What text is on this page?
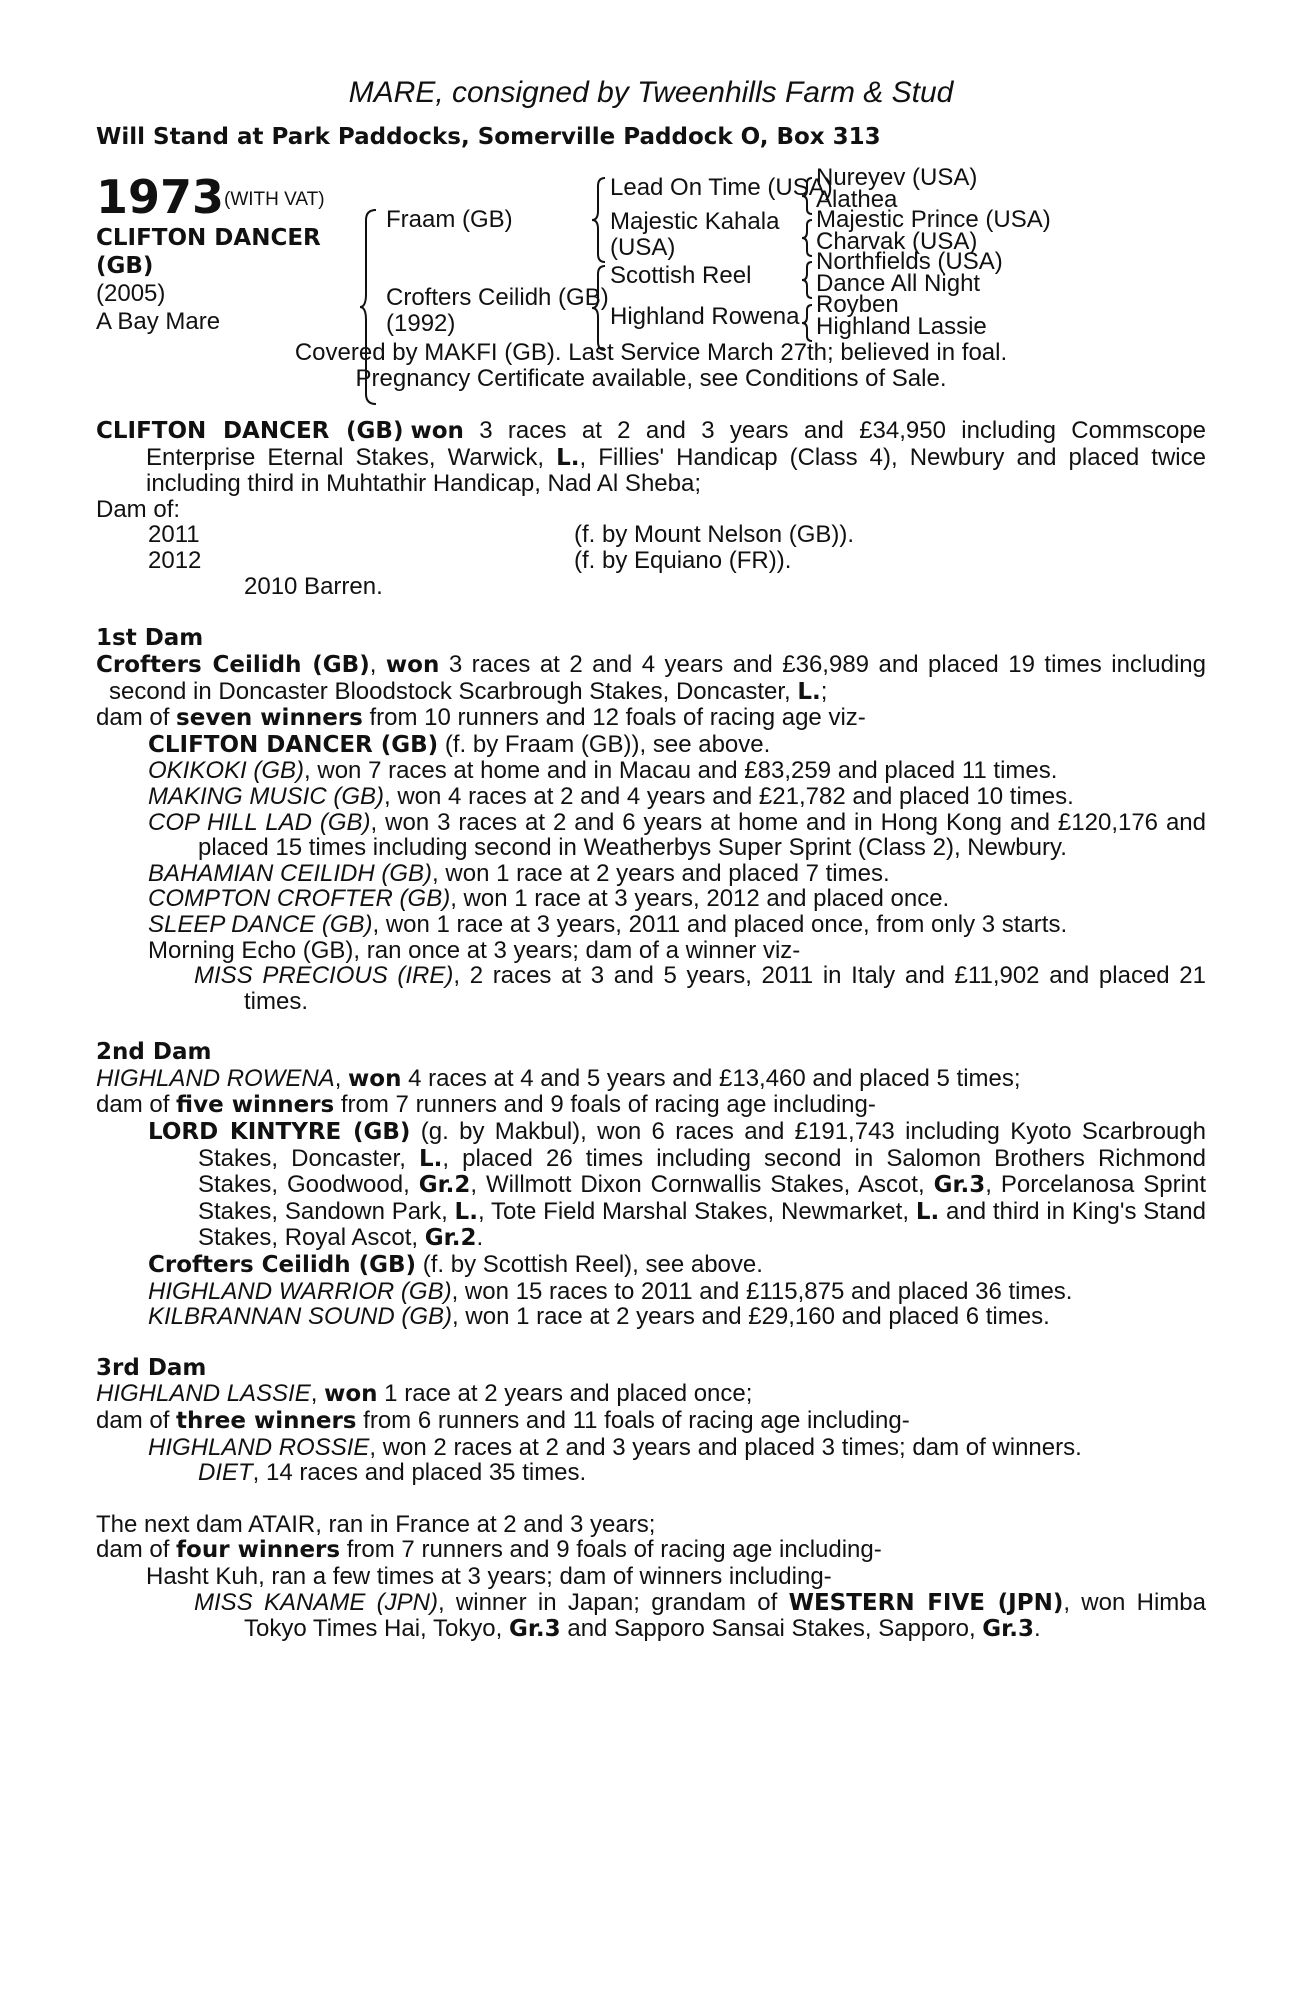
MARE, consigned by Tweenhills Farm & Stud
Will Stand at Park Paddocks, Somerville Paddock O, Box 313
1973 (WITH VAT)
CLIFTON DANCER
(GB)
(2005)
A Bay Mare
Fraam (GB)
Crofters Ceilidh (GB)
(1992)
Lead On Time (USA)
Majestic Kahala
(USA)
Scottish Reel
Highland Rowena
Nureyev (USA)
Alathea
Majestic Prince (USA)
Charvak (USA)
Northfields (USA)
Dance All Night
Royben
Highland Lassie

Covered by MAKFI (GB). Last Service March 27th; believed in foal.

Pregnancy Certificate available, see Conditions of Sale.

CLIFTON DANCER (GB) won 3 races at 2 and 3 years and £34,950 including Commscope Enterprise Eternal Stakes, Warwick, L., Fillies' Handicap (Class 4), Newbury and placed twice including third in Muhtathir Handicap, Nad Al Sheba;

Dam of:

2011	(f. by Mount Nelson (GB)).
2012	(f. by Equiano (FR)).
2010 Barren.

1st Dam

Crofters Ceilidh (GB), won 3 races at 2 and 4 years and £36,989 and placed 19 times including second in Doncaster Bloodstock Scarbrough Stakes, Doncaster, L.;

dam of seven winners from 10 runners and 12 foals of racing age viz-

CLIFTON DANCER (GB) (f. by Fraam (GB)), see above.

OKIKOKI (GB), won 7 races at home and in Macau and £83,259 and placed 11 times.

MAKING MUSIC (GB), won 4 races at 2 and 4 years and £21,782 and placed 10 times.

COP HILL LAD (GB), won 3 races at 2 and 6 years at home and in Hong Kong and £120,176 and placed 15 times including second in Weatherbys Super Sprint (Class 2), Newbury.

BAHAMIAN CEILIDH (GB), won 1 race at 2 years and placed 7 times.

COMPTON CROFTER (GB), won 1 race at 3 years, 2012 and placed once.

SLEEP DANCE (GB), won 1 race at 3 years, 2011 and placed once, from only 3 starts.

Morning Echo (GB), ran once at 3 years; dam of a winner viz-

MISS PRECIOUS (IRE), 2 races at 3 and 5 years, 2011 in Italy and £11,902 and placed 21 times.

2nd Dam

HIGHLAND ROWENA, won 4 races at 4 and 5 years and £13,460 and placed 5 times;

dam of five winners from 7 runners and 9 foals of racing age including-

LORD KINTYRE (GB) (g. by Makbul), won 6 races and £191,743 including Kyoto Scarbrough Stakes, Doncaster, L., placed 26 times including second in Salomon Brothers Richmond Stakes, Goodwood, Gr.2, Willmott Dixon Cornwallis Stakes, Ascot, Gr.3, Porcelanosa Sprint Stakes, Sandown Park, L., Tote Field Marshal Stakes, Newmarket, L. and third in King's Stand Stakes, Royal Ascot, Gr.2.

Crofters Ceilidh (GB) (f. by Scottish Reel), see above.

HIGHLAND WARRIOR (GB), won 15 races to 2011 and £115,875 and placed 36 times.

KILBRANNAN SOUND (GB), won 1 race at 2 years and £29,160 and placed 6 times.

3rd Dam

HIGHLAND LASSIE, won 1 race at 2 years and placed once;

dam of three winners from 6 runners and 11 foals of racing age including-

HIGHLAND ROSSIE, won 2 races at 2 and 3 years and placed 3 times; dam of winners.

DIET, 14 races and placed 35 times.

The next dam ATAIR, ran in France at 2 and 3 years;

dam of four winners from 7 runners and 9 foals of racing age including-

Hasht Kuh, ran a few times at 3 years; dam of winners including-

MISS KANAME (JPN), winner in Japan; grandam of WESTERN FIVE (JPN), won Himba Tokyo Times Hai, Tokyo, Gr.3 and Sapporo Sansai Stakes, Sapporo, Gr.3.
